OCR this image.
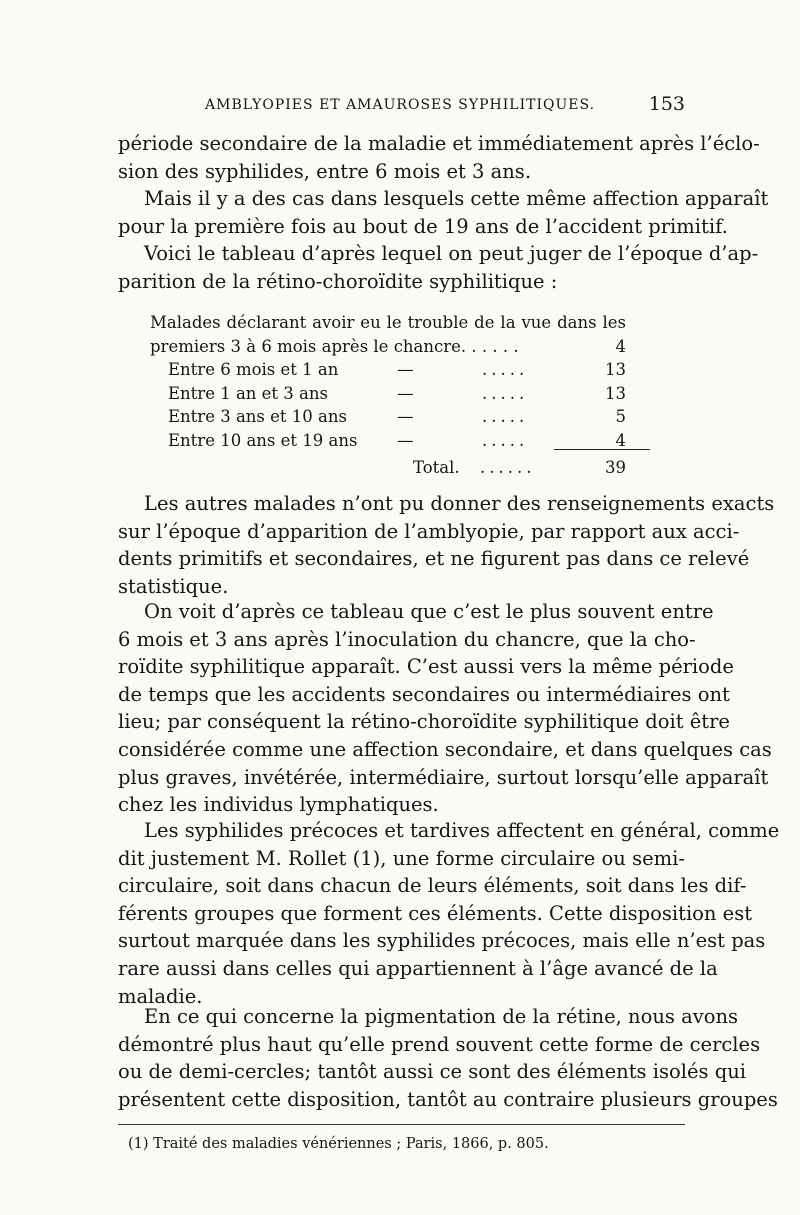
AMBLYOPIES ET AMAUROSES SYPHILITIQUES.	153
période secondaire de la maladie et immédiatement après l’éclo-
sion des syphilides, entre 6 mois et 3 ans.
Mais il y a des cas dans lesquels cette même affection apparaît
pour la première fois au bout de 19 ans de l’accident primitif.
Voici le tableau d’après lequel on peut juger de l’époque d’ap-
parition de la rétino-choroïdite syphilitique :
Malades déclarant avoir eu le trouble de la vue dans les
premiers 3 à 6 mois après le chancre. . . . . .	4
Entre 6 mois et 1 an	—	.....	13
Entre 1 an et 3 ans	—	.....	13
Entre 3 ans et 10 ans	—	.....	5
Entre 10 ans et 19 ans —	.....	4
Total. ......	39
Les autres malades n’ont pu donner des renseignements exacts
sur l’époque d’apparition de l’amblyopie, par rapport aux acci-
dents primitifs et secondaires, et ne figurent pas dans ce relevé
statistique.
On voit d’après ce tableau que c’est le plus souvent entre
6 mois et 3 ans après l’inoculation du chancre, que la cho-
roïdite syphilitique apparaît. C’est aussi vers la même période
de temps que les accidents secondaires ou intermédiaires ont
lieu; par conséquent la rétino-choroïdite syphilitique doit être
considérée comme une affection secondaire, et dans quelques cas
plus graves, invétérée, intermédiaire, surtout lorsqu’elle apparaît
chez les individus lymphatiques.
Les syphilides précoces et tardives affectent en général, comme
dit justement M. Rollet (1), une forme circulaire ou semi-
circulaire, soit dans chacun de leurs éléments, soit dans les dif-
férents groupes que forment ces éléments. Cette disposition est
surtout marquée dans les syphilides précoces, mais elle n’est pas
rare aussi dans celles qui appartiennent à l’âge avancé de la
maladie.
En ce qui concerne la pigmentation de la rétine, nous avons
démontré plus haut qu’elle prend souvent cette forme de cercles
ou de demi-cercles; tantôt aussi ce sont des éléments isolés qui
présentent cette disposition, tantôt au contraire plusieurs groupes
(1) Traité des maladies vénériennes ; Paris, 1866, p. 805.
